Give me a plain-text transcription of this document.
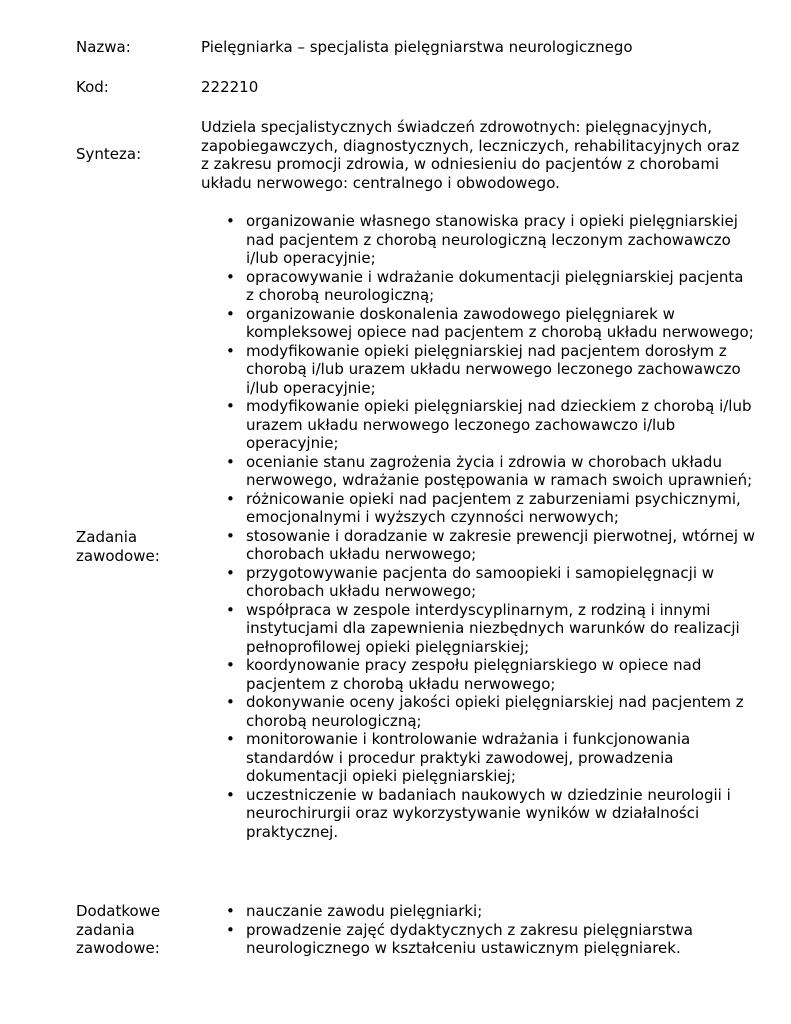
Nazwa:	Pielęgniarka – specjalista pielęgniarstwa neurologicznego
Kod:	222210
Synteza:
Udziela specjalistycznych świadczeń zdrowotnych: pielęgnacyjnych, zapobiegawczych, diagnostycznych, leczniczych, rehabilitacyjnych oraz z zakresu promocji zdrowia, w odniesieniu do pacjentów z chorobami układu nerwowego: centralnego i obwodowego.
Zadania
zawodowe:
• organizowanie własnego stanowiska pracy i opieki pielęgniarskiej nad pacjentem z chorobą neurologiczną leczonym zachowawczo i/lub operacyjnie;
• opracowywanie i wdrażanie dokumentacji pielęgniarskiej pacjenta z chorobą neurologiczną;
• organizowanie doskonalenia zawodowego pielęgniarek w kompleksowej opiece nad pacjentem z chorobą układu nerwowego;
• modyfikowanie opieki pielęgniarskiej nad pacjentem dorosłym z chorobą i/lub urazem układu nerwowego leczonego zachowawczo i/lub operacyjnie;
• modyfikowanie opieki pielęgniarskiej nad dzieckiem z chorobą i/lub urazem układu nerwowego leczonego zachowawczo i/lub operacyjnie;
• ocenianie stanu zagrożenia życia i zdrowia w chorobach układu nerwowego, wdrażanie postępowania w ramach swoich uprawnień;
• różnicowanie opieki nad pacjentem z zaburzeniami psychicznymi, emocjonalnymi i wyższych czynności nerwowych;
• stosowanie i doradzanie w zakresie prewencji pierwotnej, wtórnej w chorobach układu nerwowego;
• przygotowywanie pacjenta do samoopieki i samopielęgnacji w chorobach układu nerwowego;
• współpraca w zespole interdyscyplinarnym, z rodziną i innymi instytucjami dla zapewnienia niezbędnych warunków do realizacji pełnoprofilowej opieki pielęgniarskiej;
• koordynowanie pracy zespołu pielęgniarskiego w opiece nad pacjentem z chorobą układu nerwowego;
• dokonywanie oceny jakości opieki pielęgniarskiej nad pacjentem z chorobą neurologiczną;
• monitorowanie i kontrolowanie wdrażania i funkcjonowania standardów i procedur praktyki zawodowej, prowadzenia dokumentacji opieki pielęgniarskiej;
• uczestniczenie w badaniach naukowych w dziedzinie neurologii i neurochirurgii oraz wykorzystywanie wyników w działalności praktycznej.
Dodatkowe
zadania
zawodowe:
• nauczanie zawodu pielęgniarki;
• prowadzenie zajęć dydaktycznych z zakresu pielęgniarstwa neurologicznego w kształceniu ustawicznym pielęgniarek.
